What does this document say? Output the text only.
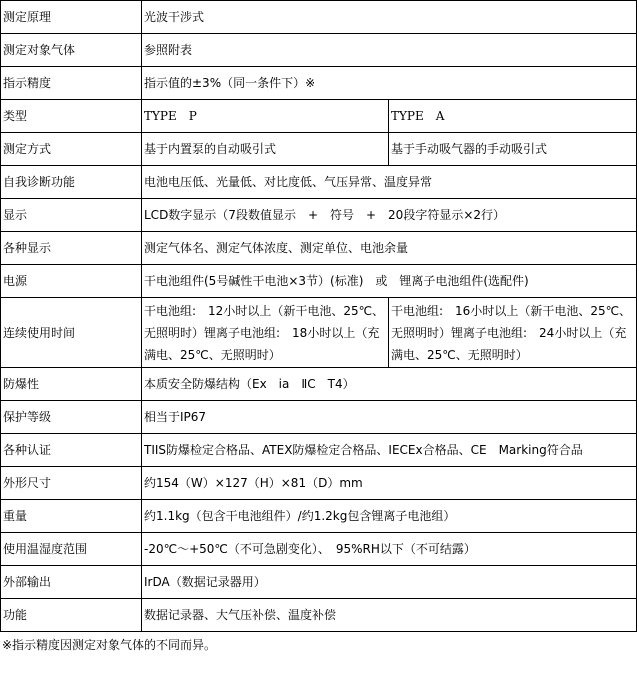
测定原理	光波干涉式	
测定对象气体	参照附表	
指示精度	指示值的±3%（同一条件下）※	
类型	TYPE　P	TYPE　A
测定方式	基于内置泵的自动吸引式	基于手动吸气器的手动吸引式
自我诊断功能	电池电压低、光量低、对比度低、气压异常、温度异常	
显示	LCD数字显示（7段数值显示　+　符号　+　20段字符显示×2行）	
各种显示	测定气体名、测定气体浓度、测定单位、电池余量	
电源	干电池组件(5号碱性干电池×3节）(标准)　或　锂离子电池组件(选配件)	
连续使用时间	干电池组:　12小时以上（新干电池、25℃、无照明时）锂离子电池组:　18小时以上（充满电、25℃、无照明时）	干电池组:　16小时以上（新干电池、25℃、无照明时）锂离子电池组:　24小时以上（充满电、25℃、无照明时）
防爆性	本质安全防爆结构（Ex　ia　ⅡC　T4）	
保护等级	相当于IP67	
各种认证	TIIS防爆检定合格品、ATEX防爆检定合格品、IECEx合格品、CE　Marking符合品	
外形尺寸	约154（W）×127（H）×81（D）mm	
重量	约1.1kg（包含干电池组件）/约1.2kg包含锂离子电池组）	
使用温湿度范围	-20℃～+50℃（不可急剧变化）、　95%RH以下（不可结露）	
外部输出	IrDA（数据记录器用）	
功能	数据记录器、大气压补偿、温度补偿	
※指示精度因测定对象气体的不同而异。
